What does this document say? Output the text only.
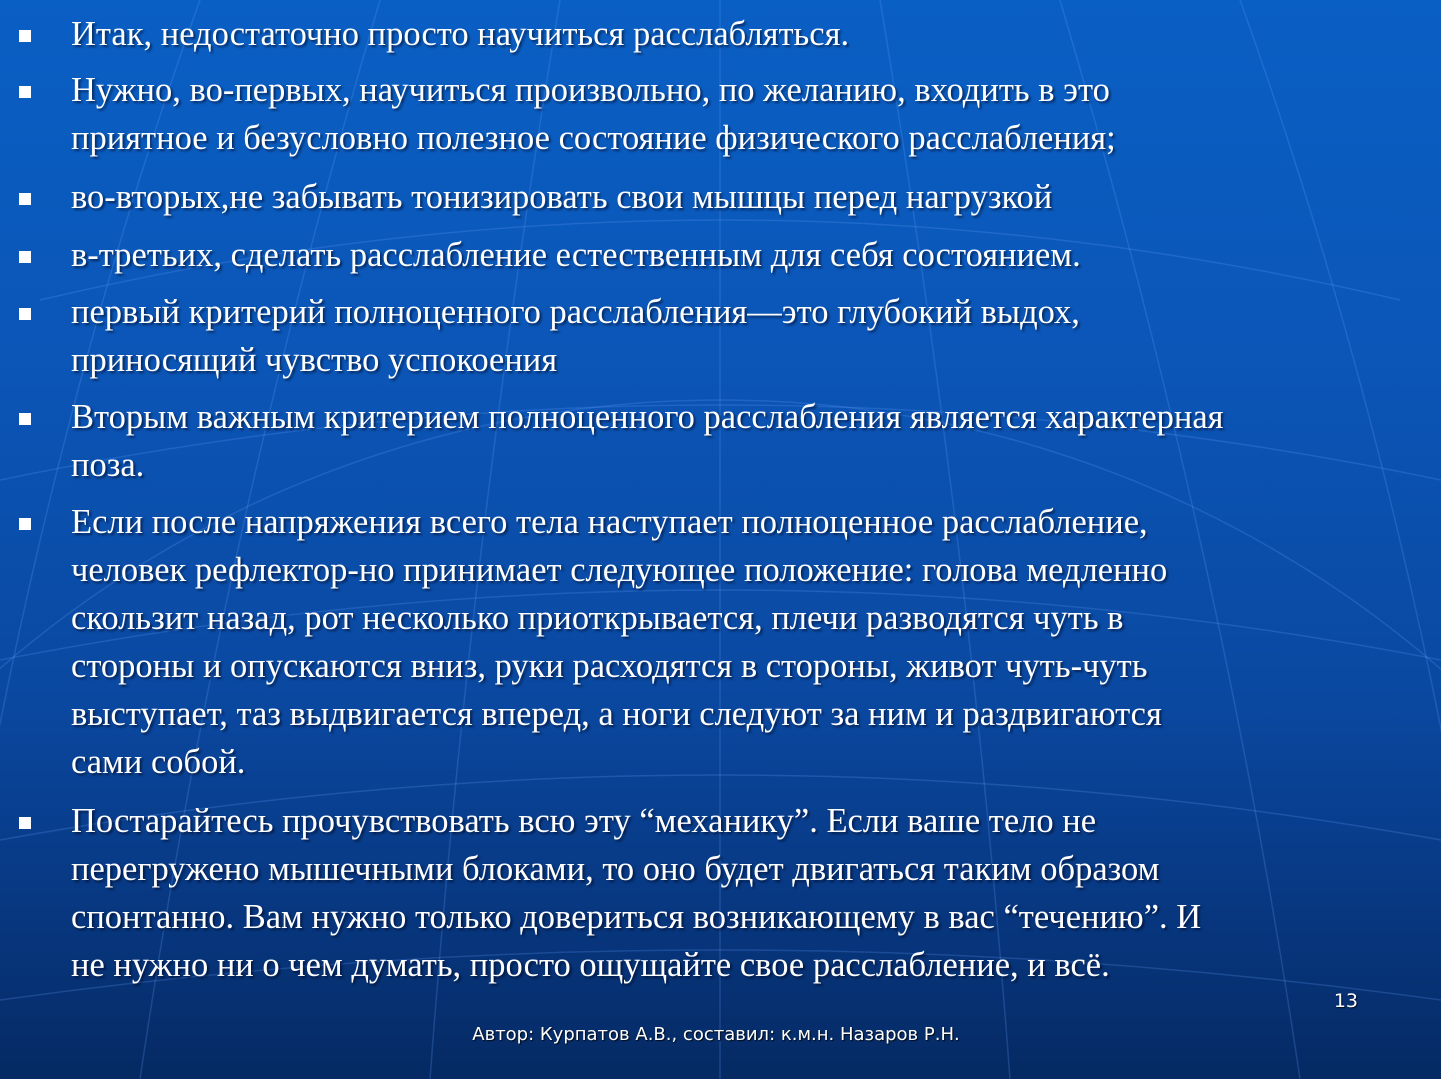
Итак, недостаточно просто научиться расслабляться.
Нужно, во-первых, научиться произвольно, по желанию, входить в это
приятное и безусловно полезное состояние физического расслабления;
во-вторых,не забывать тонизировать свои мышцы перед нагрузкой
в-третьих, сделать расслабление естественным для себя состоянием.
первый критерий полноценного расслабления—это глубокий выдох,
приносящий чувство успокоения
Вторым важным критерием полноценного расслабления является характерная
поза.
Если после напряжения всего тела наступает полноценное расслабление,
человек рефлектор-но принимает следующее положение: голова медленно
скользит назад, рот несколько приоткрывается, плечи разводятся чуть в
стороны и опускаются вниз, руки расходятся в стороны, живот чуть-чуть
выступает, таз выдвигается вперед, а ноги следуют за ним и раздвигаются
сами собой.
Постарайтесь прочувствовать всю эту “механику”. Если ваше тело не
перегружено мышечными блоками, то оно будет двигаться таким образом
спонтанно. Вам нужно только довериться возникающему в вас “течению”. И
не нужно ни о чем думать, просто ощущайте свое расслабление, и всё.
13
Автор: Курпатов А.В., составил: к.м.н. Назаров Р.Н.
